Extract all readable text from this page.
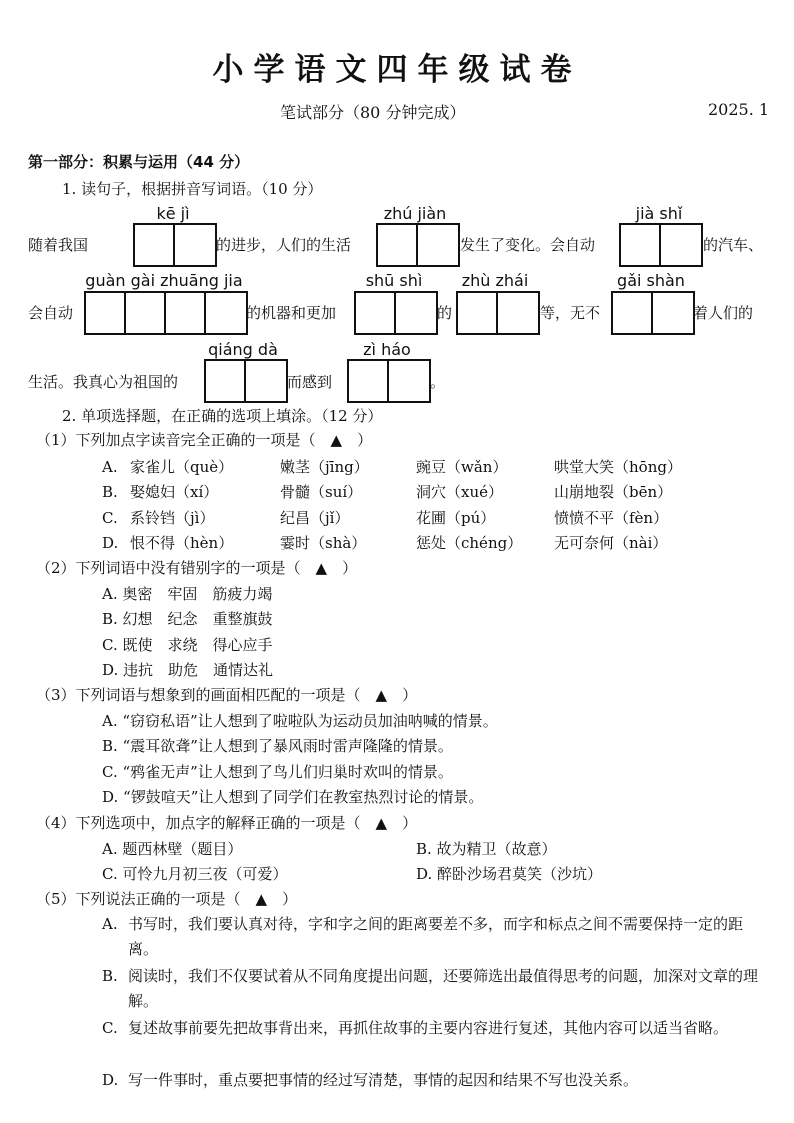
小学语文四年级试卷
笔试部分（80 分钟完成）	2025. 1
第一部分：积累与运用（44 分）
1. 读句子，根据拼音写词语。（10 分）
kē jì	zhú jiàn	jià shǐ
随着我国	的进步，人们的生活	发生了变化。会自动	的汽车、
guàn gài zhuāng jia	shū shì	zhù zhái	gǎi shàn
会自动	的机器和更加	的	等，无不	着人们的
qiáng dà	zì háo
生活。我真心为祖国的	而感到	。
2. 单项选择题，在正确的选项上填涂。（12 分）
（1）下列加点字读音完全正确的一项是（　▲　）
A. 家雀儿（què）	嫩茎（jīng）	豌豆（wǎn）	哄堂大笑（hōng）
B. 娶媳妇（xí）	骨髓（suí）	洞穴（xué）	山崩地裂（bēn）
C. 系铃铛（jì）	纪昌（jǐ）	花圃（pú）	愤愤不平（fèn）
D. 恨不得（hèn）	霎时（shà）	惩处（chéng） 无可奈何（nài）
（2）下列词语中没有错别字的一项是（　▲　）
A. 奥密　牢固　筋疲力竭
B. 幻想　纪念　重整旗鼓
C. 既使　求绕　得心应手
D. 违抗　助危　通情达礼
（3）下列词语与想象到的画面相匹配的一项是（　▲　）
A. “窃窃私语”让人想到了啦啦队为运动员加油呐喊的情景。
B. “震耳欲聋”让人想到了暴风雨时雷声隆隆的情景。
C. “鸦雀无声”让人想到了鸟儿们归巢时欢叫的情景。
D. “锣鼓喧天”让人想到了同学们在教室热烈讨论的情景。
（4）下列选项中，加点字的解释正确的一项是（　▲　）
A. 题西林壁（题目）	B. 故为精卫（故意）
C. 可怜九月初三夜（可爱）	D. 醉卧沙场君莫笑（沙坑）
（5）下列说法正确的一项是（　▲　）
A. 书写时，我们要认真对待，字和字之间的距离要差不多，而字和标点之间不需要保持一定的距离。
B. 阅读时，我们不仅要试着从不同角度提出问题，还要筛选出最值得思考的问题，加深对文章的理解。
C. 复述故事前要先把故事背出来，再抓住故事的主要内容进行复述，其他内容可以适当省略。
D. 写一件事时，重点要把事情的经过写清楚，事情的起因和结果不写也没关系。
